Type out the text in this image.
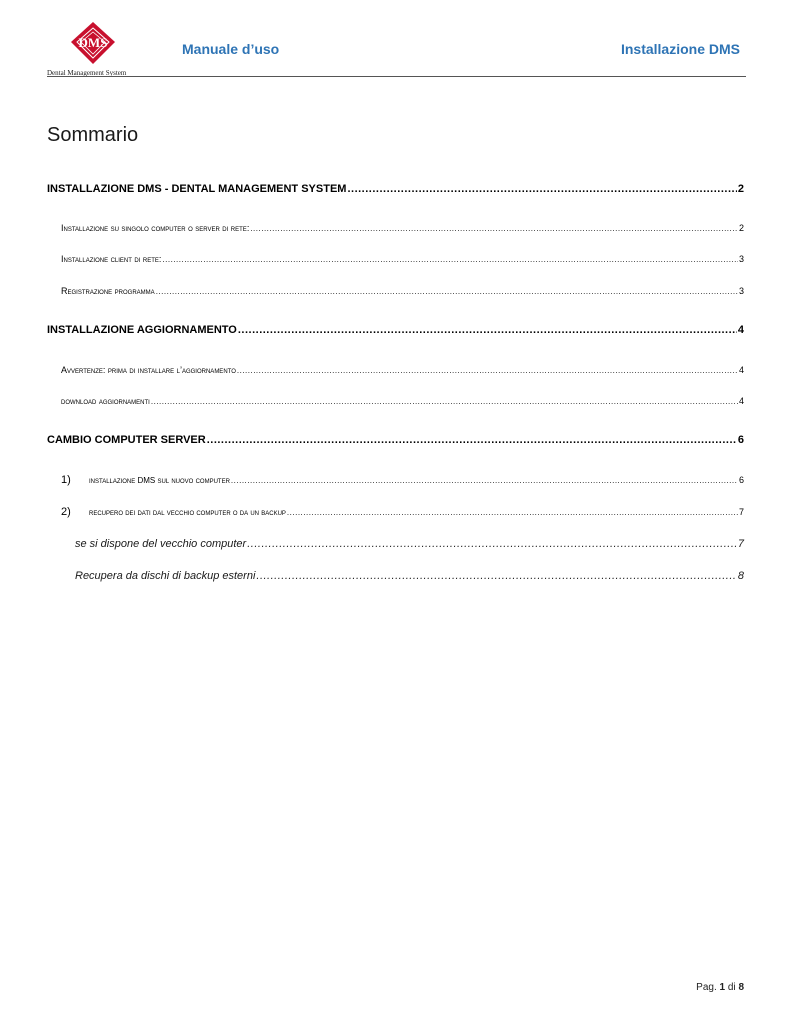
DMS
Dental Management System
Manuale d’uso	Installazione DMS
Sommario
INSTALLAZIONE DMS - DENTAL MANAGEMENT SYSTEM .....	2
Installazione su singolo computer o server di rete: .....	2
Installazione client di rete: .....	3
Registrazione programma .....	3
INSTALLAZIONE AGGIORNAMENTO .....	4
Avvertenze: prima di installare l’aggiornamento .....	4
download aggiornamenti .....	4
CAMBIO COMPUTER SERVER .....	6
1)	installazione DMS sul nuovo computer .....	6
2)	recupero dei dati dal vecchio computer o da un backup .....	7
se si dispone del vecchio computer .....	7
Recupera da dischi di backup esterni .....	8
Pag. 1 di 8
